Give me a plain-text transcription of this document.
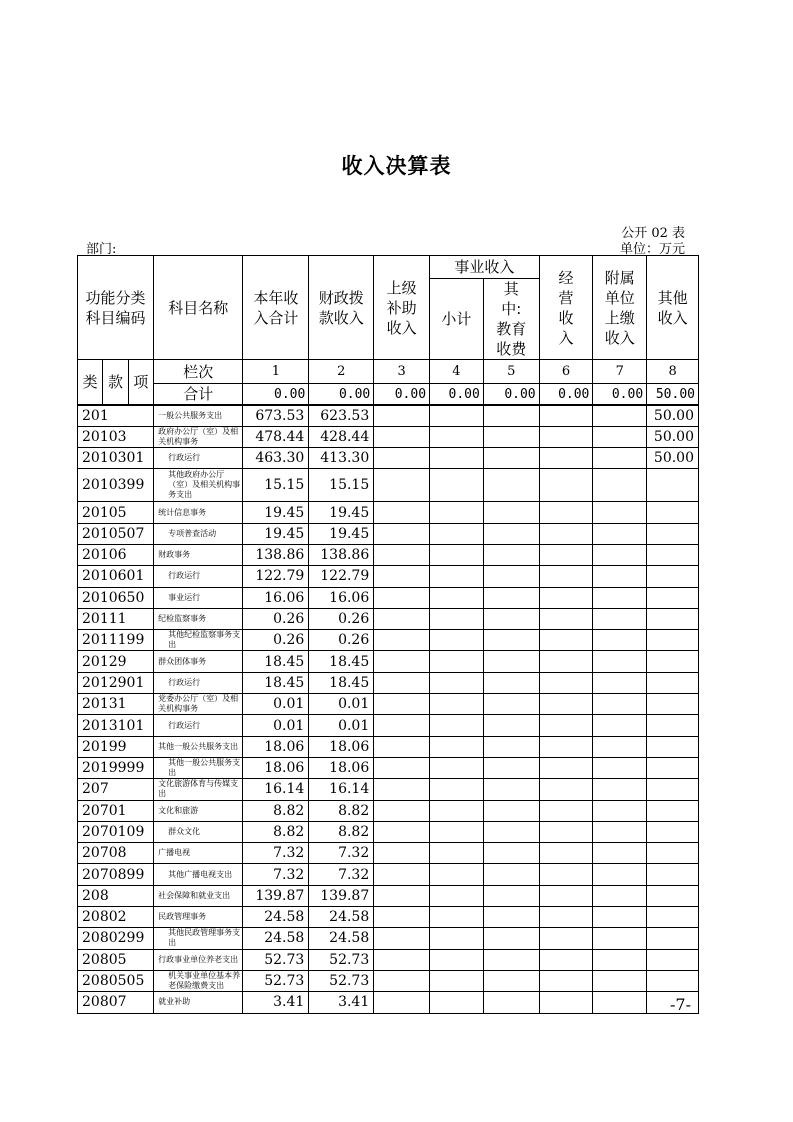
收入决算表
公开 02 表
部门:	单位：万元
功能分类科目编码			科目名称	本年收入合计	财政拨款收入	上级补助收入	事业收入		经营收入	附属单位上缴收入	其他收入
							小计	其中:教育收费			

类	款	项	栏次	1	2	3	4	5	6	7	8
			合计	0.00	0.00	0.00	0.00	0.00	0.00	0.00	50.00
201			一般公共服务支出	673.53	623.53						50.00
20103			政府办公厅（室）及相关机构事务	478.44	428.44						50.00
2010301			行政运行	463.30	413.30						50.00
2010399			其他政府办公厅（室）及相关机构事务支出	15.15	15.15						
20105			统计信息事务	19.45	19.45						
2010507			专项普查活动	19.45	19.45						
20106			财政事务	138.86	138.86						
2010601			行政运行	122.79	122.79						
2010650			事业运行	16.06	16.06						
20111			纪检监察事务	0.26	0.26						
2011199			其他纪检监察事务支出	0.26	0.26						
20129			群众团体事务	18.45	18.45						
2012901			行政运行	18.45	18.45						
20131			党委办公厅（室）及相关机构事务	0.01	0.01						
2013101			行政运行	0.01	0.01						
20199			其他一般公共服务支出	18.06	18.06						
2019999			其他一般公共服务支出	18.06	18.06						
207			文化旅游体育与传媒支出	16.14	16.14						
20701			文化和旅游	8.82	8.82						
2070109			群众文化	8.82	8.82						
20708			广播电视	7.32	7.32						
2070899			其他广播电视支出	7.32	7.32						
208			社会保障和就业支出	139.87	139.87						
20802			民政管理事务	24.58	24.58						
2080299			其他民政管理事务支出	24.58	24.58						
20805			行政事业单位养老支出	52.73	52.73						
2080505			机关事业单位基本养老保险缴费支出	52.73	52.73						
20807			就业补助	3.41	3.41							-7-
